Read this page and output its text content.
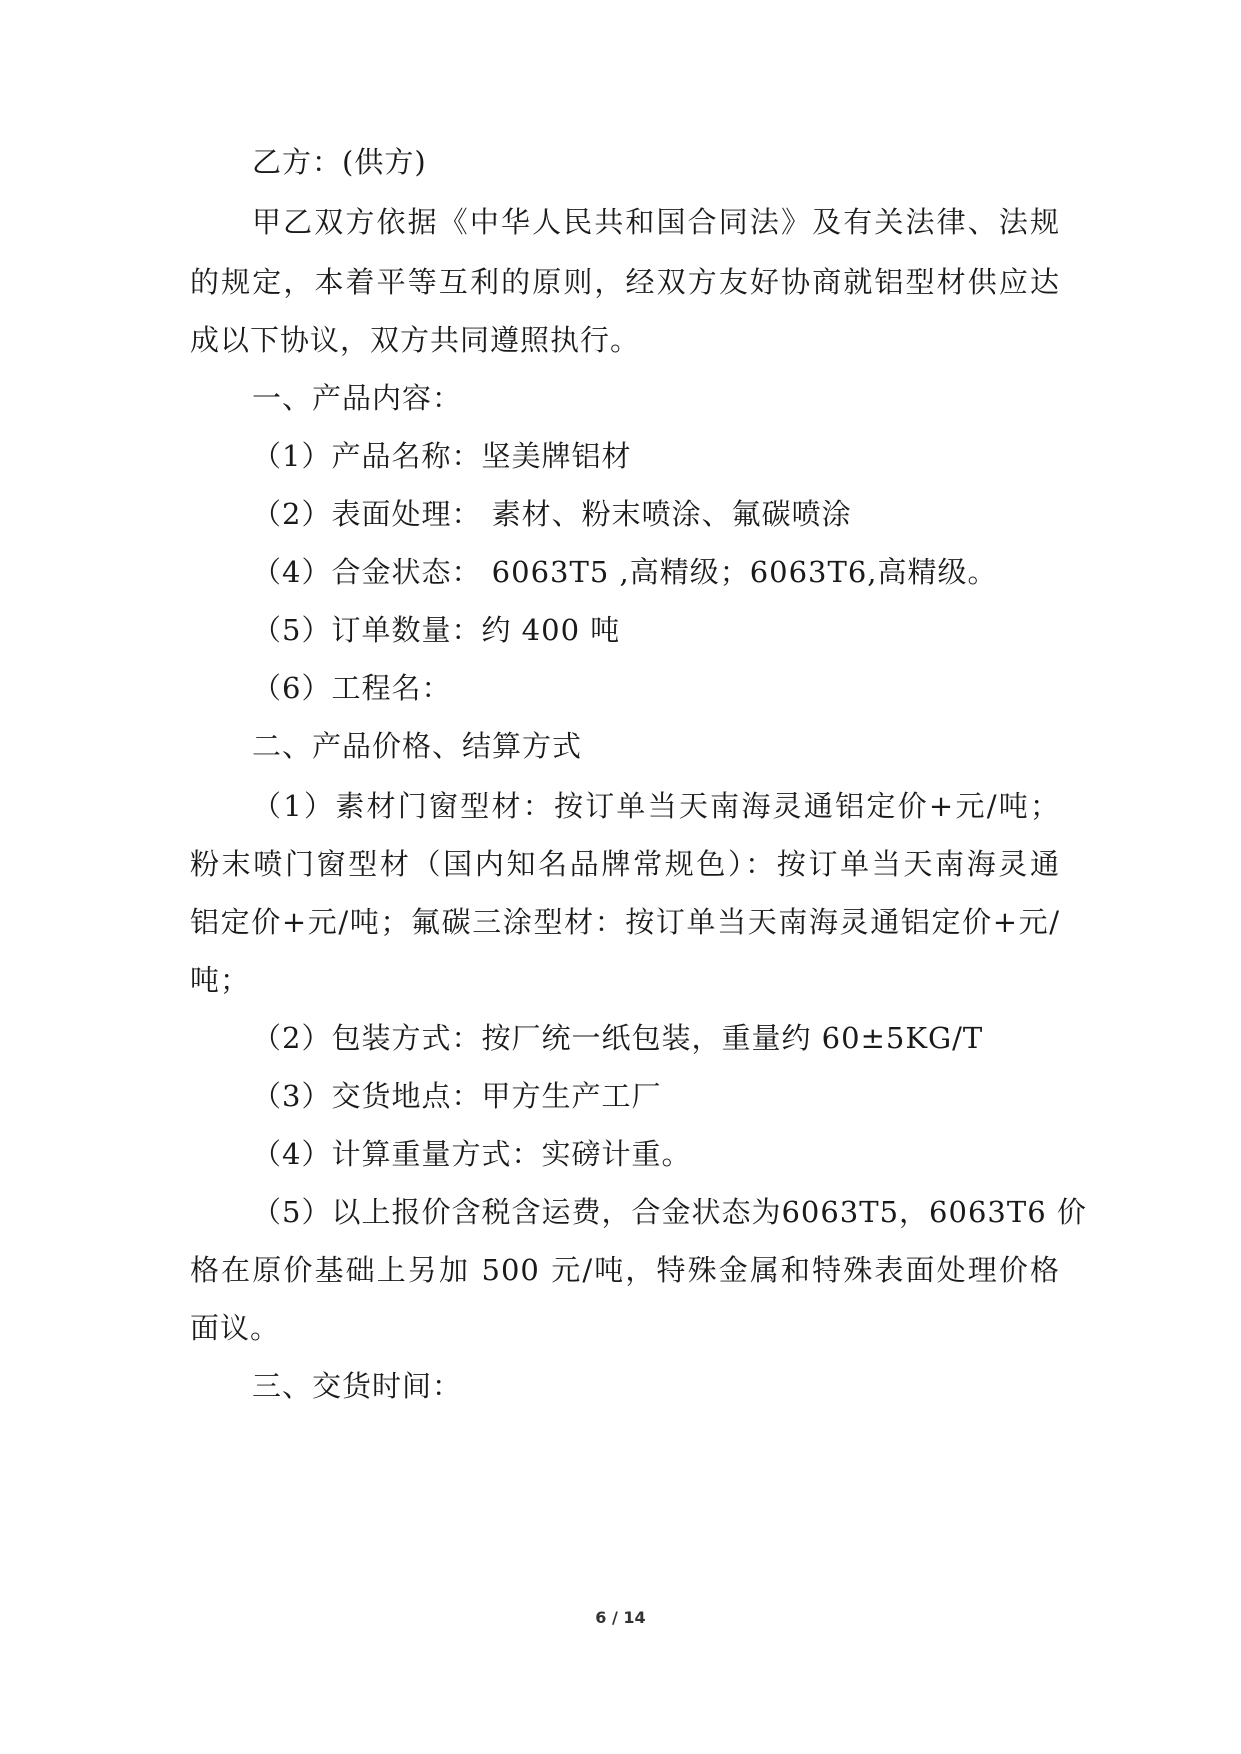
乙方：(供方)
甲乙双方依据《中华人民共和国合同法》及有关法律、法规
的规定，本着平等互利的原则，经双方友好协商就铝型材供应达
成以下协议，双方共同遵照执行。
一、产品内容：
（1）产品名称：坚美牌铝材
（2）表面处理： 素材、粉末喷涂、氟碳喷涂
（4）合金状态： 6063T5 ,高精级；6063T6,高精级。
（5）订单数量：约 400 吨
（6）工程名：
二、产品价格、结算方式
（1）素材门窗型材：按订单当天南海灵通铝定价+元/吨；
粉末喷门窗型材（国内知名品牌常规色）：按订单当天南海灵通
铝定价+元/吨；氟碳三涂型材：按订单当天南海灵通铝定价+元/
吨；
（2）包装方式：按厂统一纸包装，重量约 60±5KG/T
（3）交货地点：甲方生产工厂
（4）计算重量方式：实磅计重。
（5）以上报价含税含运费，合金状态为6063T5，6063T6 价
格在原价基础上另加 500 元/吨，特殊金属和特殊表面处理价格
面议。
三、交货时间：
6 / 14
